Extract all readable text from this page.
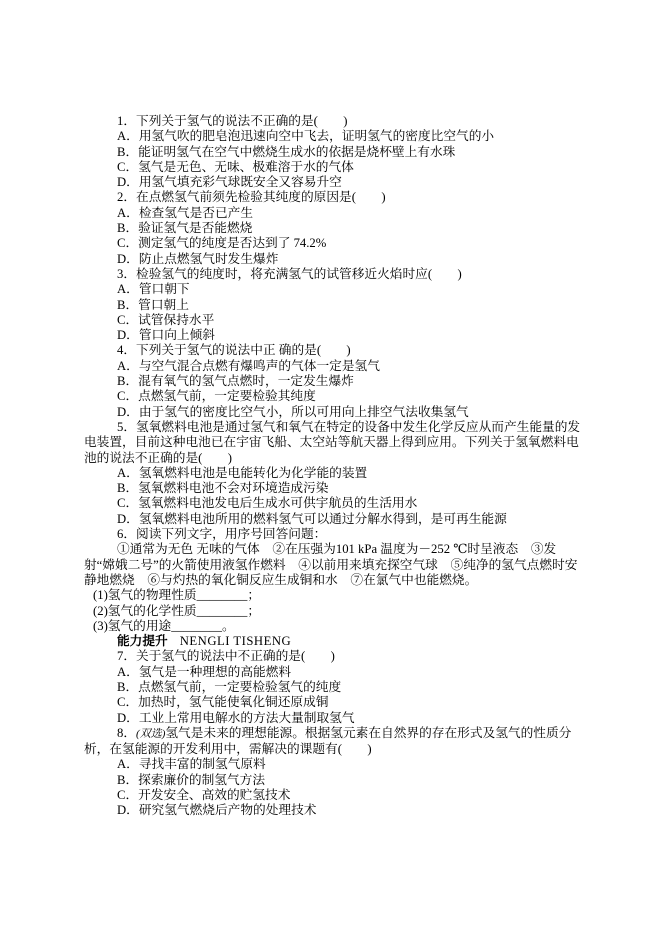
1．下列关于氢气的说法不正确的是(　　)

A．用氢气吹的肥皂泡迅速向空中飞去，证明氢气的密度比空气的小

B．能证明氢气在空气中燃烧生成水的依据是烧杯壁上有水珠

C．氢气是无色、无味、极难溶于水的气体

D．用氢气填充彩气球既安全又容易升空

2．在点燃氢气前须先检验其纯度的原因是(　　)

A．检查氢气是否已产生

B．验证氢气是否能燃烧

C．测定氢气的纯度是否达到了 74.2%

D．防止点燃氢气时发生爆炸

3．检验氢气的纯度时，将充满氢气的试管移近火焰时应(　　)

A．管口朝下

B．管口朝上

C．试管保持水平

D．管口向上倾斜

4．下列关于氢气的说法中正 确的是(　　)

A．与空气混合点燃有爆鸣声的气体一定是氢气

B．混有氧气的氢气点燃时，一定发生爆炸

C．点燃氢气前，一定要检验其纯度

D．由于氢气的密度比空气小，所以可用向上排空气法收集氢气

5．氢氧燃料电池是通过氢气和氧气在特定的设备中发生化学反应从而产生能量的发电装置，目前这种电池已在宇宙飞船、太空站等航天器上得到应用。下列关于氢氧燃料电池的说法不正确的是(　　)

A．氢氧燃料电池是电能转化为化学能的装置

B．氢氧燃料电池不会对环境造成污染

C．氢氧燃料电池发电后生成水可供宇航员的生活用水

D．氢氧燃料电池所用的燃料氢气可以通过分解水得到，是可再生能源

6．阅读下列文字，用序号回答问题：

①通常为无色 无味的气体　②在压强为101 kPa 温度为－252 ℃时呈液态　③发射“嫦娥二号”的火箭使用液氢作燃料　④以前用来填充探空气球　⑤纯净的氢气点燃时安静地燃烧　⑥与灼热的氧化铜反应生成铜和水　⑦在氯气中也能燃烧。

(1)氢气的物理性质________；

(2)氢气的化学性质________；

(3)氢气的用途________。

能力提升 NENGLI TISHENG

7．关于氢气的说法中不正确的是(　　)

A．氢气是一种理想的高能燃料

B．点燃氢气前，一定要检验氢气的纯度

C．加热时，氢气能使氧化铜还原成铜

D．工业上常用电解水的方法大量制取氢气

8．(双选)氢气是未来的理想能源。根据氢元素在自然界的存在形式及氢气的性质分析，在氢能源的开发利用中，需解决的课题有(　　)

A．寻找丰富的制氢气原料

B．探索廉价的制氢气方法

C．开发安全、高效的贮氢技术

D．研究氢气燃烧后产物的处理技术
